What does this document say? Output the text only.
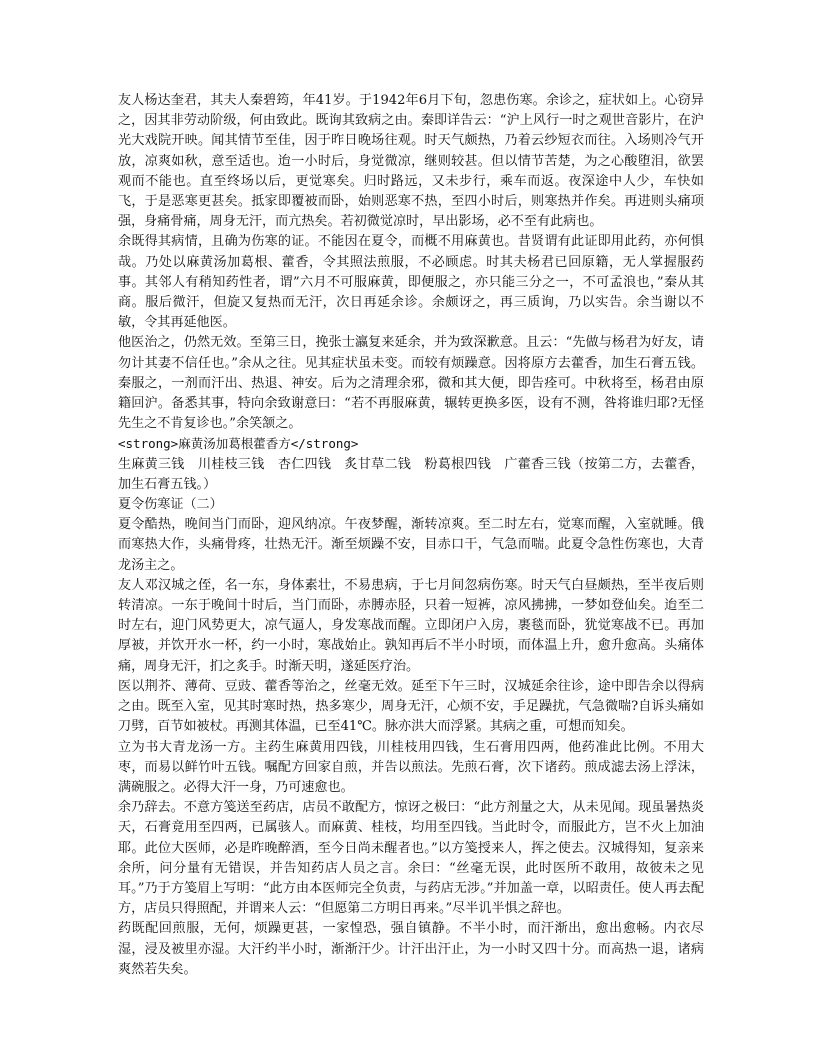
友人杨达奎君，其夫人秦碧筠，年41岁。于1942年6月下旬，忽患伤寒。余诊之，症状如上。心窃异之，因其非劳动阶级，何由致此。既询其致病之由。秦即详告云：“沪上风行一时之观世音影片，在沪光大戏院开映。闻其情节至佳，因于昨日晚场往观。时天气颇热，乃着云纱短衣而往。入场则冷气开放，凉爽如秋，意至适也。迨一小时后，身觉微凉，继则较甚。但以情节苦楚，为之心酸堕泪，欲罢观而不能也。直至终场以后，更觉寒矣。归时路远，又未步行，乘车而返。夜深途中人少，车快如飞，于是恶寒更甚矣。抵家即覆被而卧，始则恶寒不热，至四小时后，则寒热并作矣。再进则头痛项强，身痛骨痛，周身无汗，而亢热矣。若初微觉凉时，早出影场，必不至有此病也。

余既得其病情，且确为伤寒的证。不能因在夏令，而概不用麻黄也。昔贤谓有此证即用此药，亦何惧哉。乃处以麻黄汤加葛根、藿香，令其照法煎服，不必顾虑。时其夫杨君已回原籍，无人掌握服药事。其邻人有稍知药性者，谓”六月不可服麻黄，即便服之，亦只能三分之一，不可孟浪也，”秦从其商。服后微汗，但旋又复热而无汗，次日再延余诊。余颇讶之，再三质询，乃以实告。余当谢以不敏，令其再延他医。

他医治之，仍然无效。至第三日，挽张士瀛复来延余，并为致深歉意。且云：“先做与杨君为好友，请勿计其妻不信任也。”余从之往。见其症状虽未变。而较有烦躁意。因将原方去藿香，加生石膏五钱。秦服之，一剂而汗出、热退、神安。后为之清理余邪，微和其大便，即告痊可。中秋将至，杨君由原籍回沪。备悉其事，特向余致谢意曰：“若不再服麻黄，辗转更换多医，设有不测，咎将谁归耶?无怪先生之不肯复诊也。”余笑颔之。

<strong>麻黄汤加葛根藿香方</strong>

生麻黄三钱　川桂枝三钱　杏仁四钱　炙甘草二钱　粉葛根四钱　广藿香三钱（按第二方，去藿香，加生石膏五钱。）

夏令伤寒证（二）

夏令酷热，晚间当门而卧，迎风纳凉。午夜梦醒，渐转凉爽。至二时左右，觉寒而醒，入室就睡。俄而寒热大作，头痛骨疼，壮热无汗。渐至烦躁不安，目赤口干，气急而喘。此夏令急性伤寒也，大青龙汤主之。

友人邓汉城之侄，名一东，身体素壮，不易患病，于七月间忽病伤寒。时天气白昼颇热，至半夜后则转清凉。一东于晚间十时后，当门而卧，赤膊赤胫，只着一短裤，凉风拂拂，一梦如登仙矣。迨至二时左右，迎门风势更大，凉气逼人，身发寒战而醒。立即闭户入房，裹毯而卧，犹觉寒战不已。再加厚被，并饮开水一杯，约一小时，寒战始止。孰知再后不半小时顷，而体温上升，愈升愈高。头痛体痛，周身无汗，扪之炙手。时渐天明，遂延医疗治。

医以荆芥、薄荷、豆豉、藿香等治之，丝毫无效。延至下午三时，汉城延余往诊，途中即告余以得病之由。既至入室，见其时寒时热，热多寒少，周身无汗，心烦不安，手足躁扰，气急微喘?自诉头痛如刀劈，百节如被杖。再测其体温，已至41℃。脉亦洪大而浮紧。其病之重，可想而知矣。

立为书大青龙汤一方。主药生麻黄用四钱，川桂枝用四钱，生石膏用四两，他药准此比例。不用大枣，而易以鲜竹叶五钱。嘱配方回家自煎，并告以煎法。先煎石膏，次下诸药。煎成滤去汤上浮沫，满碗服之。必得大汗一身，乃可速愈也。

余乃辞去。不意方笺送至药店，店员不敢配方，惊讶之极曰：“此方剂量之大，从未见闻。现虽暑热炎天，石膏竟用至四两，已属骇人。而麻黄、桂枝，均用至四钱。当此时令，而服此方，岂不火上加油耶。此位大医师，必是昨晚醉酒，至今日尚未醒者也。”以方笺授来人，挥之使去。汉城得知，复亲来余所，问分量有无错误，并告知药店人员之言。余曰：“丝毫无误，此时医所不敢用，故彼未之见耳。”乃于方笺眉上写明：“此方由本医师完全负责，与药店无涉。”并加盖一章，以昭责任。使人再去配方，店员只得照配，并谓来人云：“但愿第二方明日再来。”尽半讥半惧之辞也。

药既配回煎服，无何，烦躁更甚，一家惶恐，强自镇静。不半小时，而汗渐出，愈出愈畅。内衣尽湿，浸及被里亦湿。大汗约半小时，渐渐汗少。计汗出汗止，为一小时又四十分。而高热一退，诸病爽然若失矣。
